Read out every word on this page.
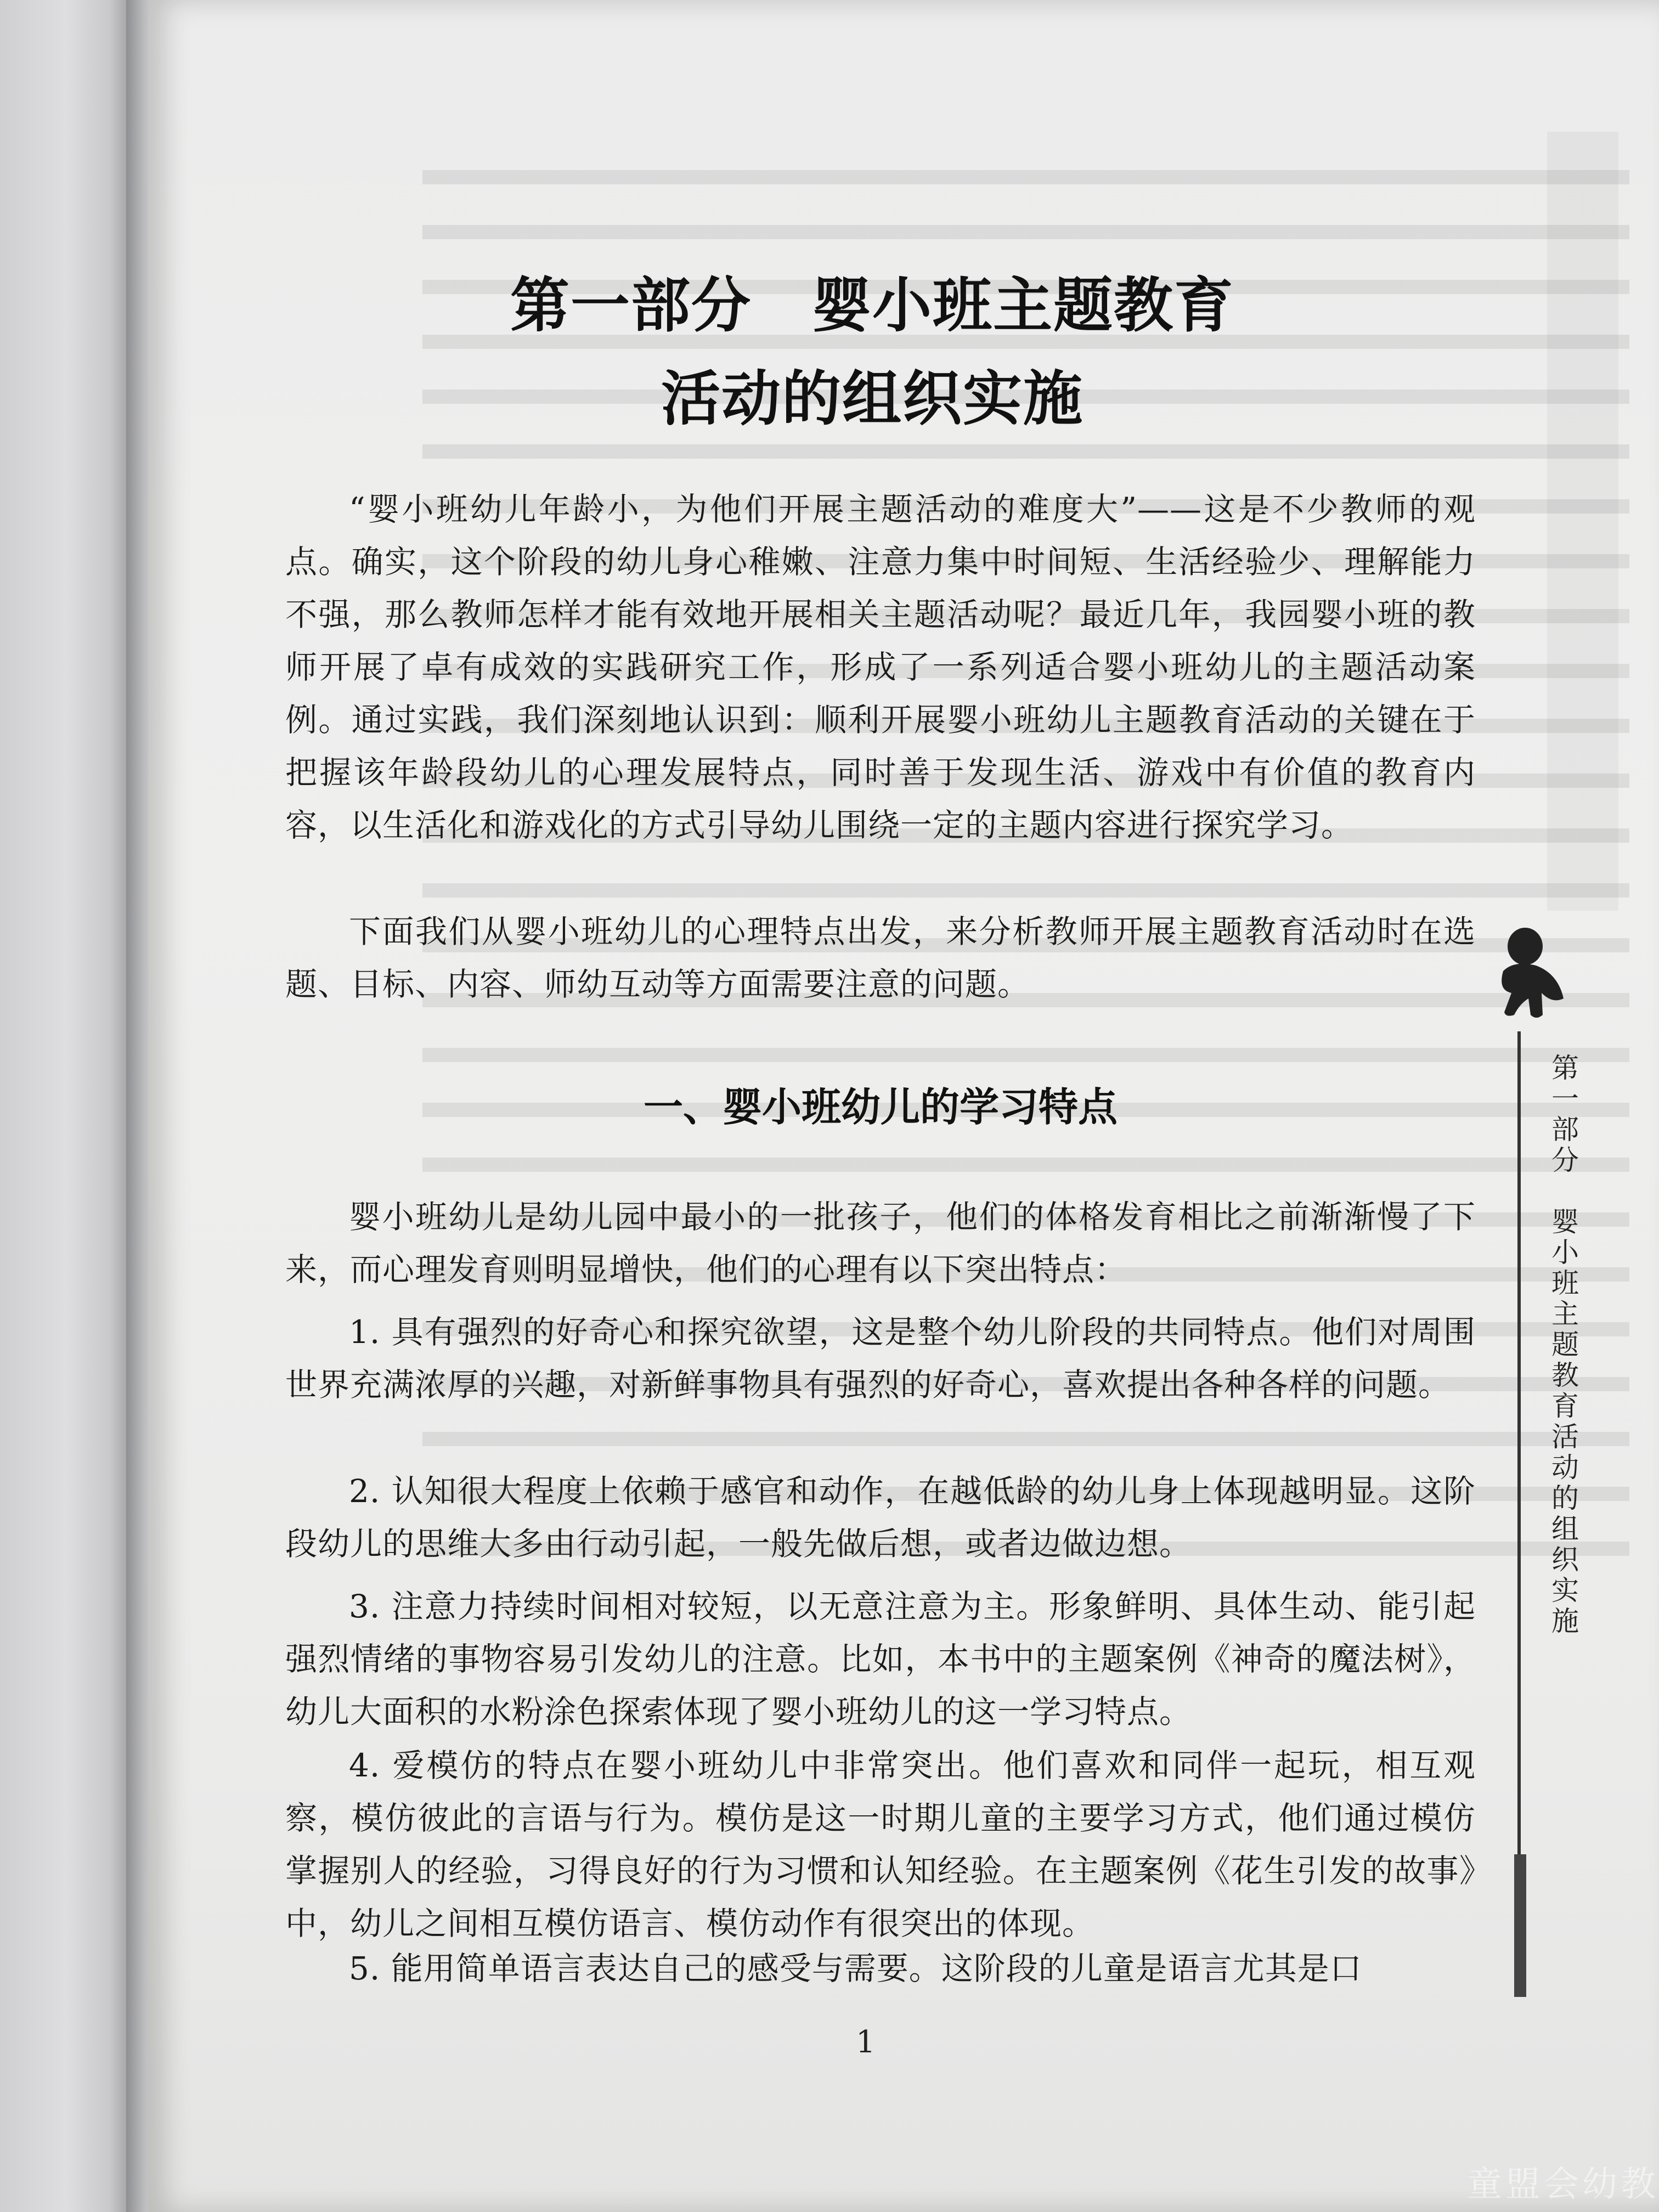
第一部分　婴小班主题教育
活动的组织实施

“婴小班幼儿年龄小，为他们开展主题活动的难度大”——这是不少教师的观点。确实，这个阶段的幼儿身心稚嫩、注意力集中时间短、生活经验少、理解能力不强，那么教师怎样才能有效地开展相关主题活动呢？最近几年，我园婴小班的教师开展了卓有成效的实践研究工作，形成了一系列适合婴小班幼儿的主题活动案例。通过实践，我们深刻地认识到：顺利开展婴小班幼儿主题教育活动的关键在于把握该年龄段幼儿的心理发展特点，同时善于发现生活、游戏中有价值的教育内容，以生活化和游戏化的方式引导幼儿围绕一定的主题内容进行探究学习。

下面我们从婴小班幼儿的心理特点出发，来分析教师开展主题教育活动时在选题、目标、内容、师幼互动等方面需要注意的问题。

一、婴小班幼儿的学习特点

婴小班幼儿是幼儿园中最小的一批孩子，他们的体格发育相比之前渐渐慢了下来，而心理发育则明显增快，他们的心理有以下突出特点：

1. 具有强烈的好奇心和探究欲望，这是整个幼儿阶段的共同特点。他们对周围世界充满浓厚的兴趣，对新鲜事物具有强烈的好奇心，喜欢提出各种各样的问题。

2. 认知很大程度上依赖于感官和动作，在越低龄的幼儿身上体现越明显。这阶段幼儿的思维大多由行动引起，一般先做后想，或者边做边想。

3. 注意力持续时间相对较短，以无意注意为主。形象鲜明、具体生动、能引起强烈情绪的事物容易引发幼儿的注意。比如，本书中的主题案例《神奇的魔法树》，幼儿大面积的水粉涂色探索体现了婴小班幼儿的这一学习特点。

4. 爱模仿的特点在婴小班幼儿中非常突出。他们喜欢和同伴一起玩，相互观察，模仿彼此的言语与行为。模仿是这一时期儿童的主要学习方式，他们通过模仿掌握别人的经验，习得良好的行为习惯和认知经验。在主题案例《花生引发的故事》中，幼儿之间相互模仿语言、模仿动作有很突出的体现。

5. 能用简单语言表达自己的感受与需要。这阶段的儿童是语言尤其是口

1
第一部分　婴小班主题教育活动的组织实施
童盟会幼教
